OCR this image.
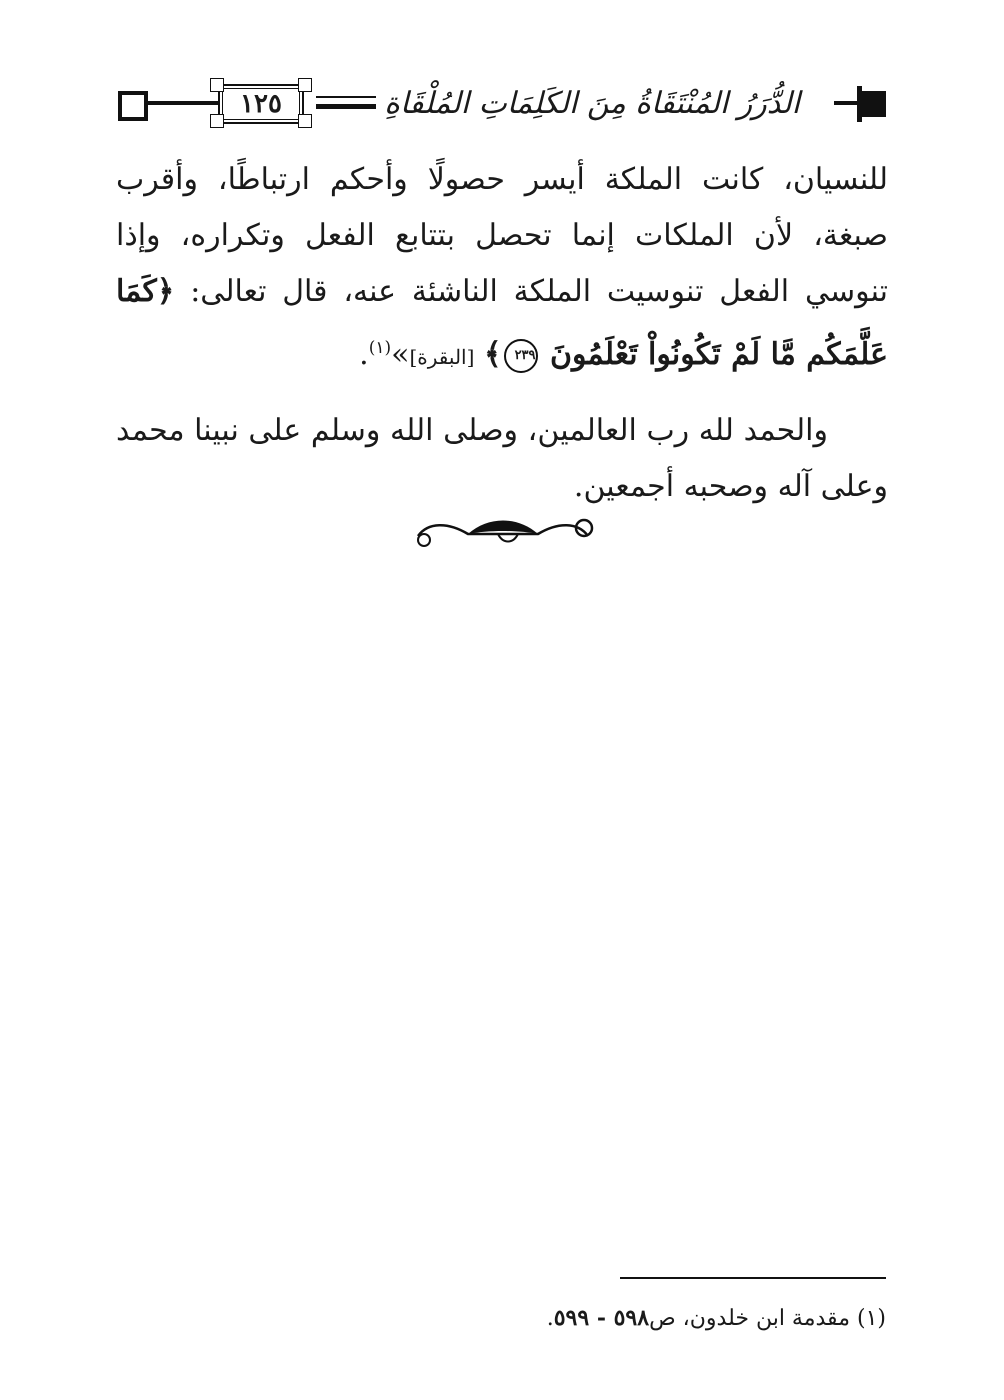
١٢٥	الدُّرَرُ المُنْتَقَاةُ مِنَ الكَلِمَاتِ المُلْقَاةِ

للنسيان، كانت الملكة أيسر حصولًا وأحكم ارتباطًا، وأقرب صبغة، لأن الملكات إنما تحصل بتتابع الفعل وتكراره، وإذا تنوسي الفعل تنوسيت الملكة الناشئة عنه، قال تعالى: ﴿كَمَا عَلَّمَكُم مَّا لَمْ تَكُونُواْ تَعْلَمُونَ ٢٣٩﴾ [البقرة]»$^{(١)}$.

والحمد لله رب العالمين، وصلى الله وسلم على نبينا محمد وعلى آله وصحبه أجمعين.

(١) مقدمة ابن خلدون، ص٥٩٨ - ٥٩٩.
